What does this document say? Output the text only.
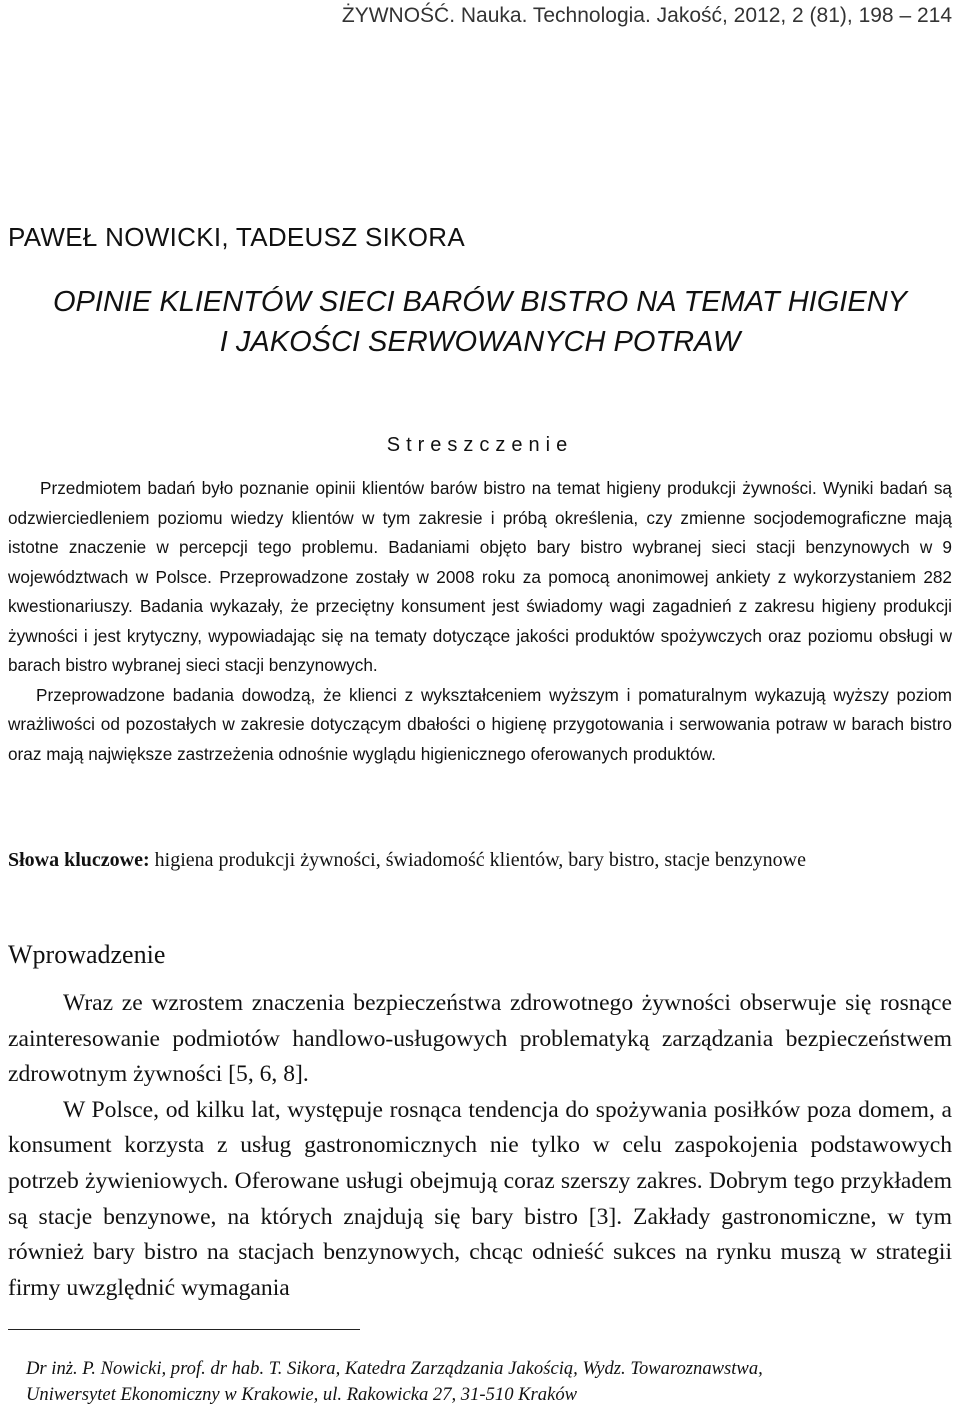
ŻYWNOŚĆ. Nauka. Technologia. Jakość, 2012, 2 (81), 198 – 214
PAWEŁ NOWICKI, TADEUSZ SIKORA
OPINIE KLIENTÓW SIECI BARÓW BISTRO NA TEMAT HIGIENY
I JAKOŚCI SERWOWANYCH POTRAW
Streszczenie

Przedmiotem badań było poznanie opinii klientów barów bistro na temat higieny produkcji żywności. Wyniki badań są odzwierciedleniem poziomu wiedzy klientów w tym zakresie i próbą określenia, czy zmienne socjodemograficzne mają istotne znaczenie w percepcji tego problemu. Badaniami objęto bary bistro wybranej sieci stacji benzynowych w 9 województwach w Polsce. Przeprowadzone zostały w 2008 roku za pomocą anonimowej ankiety z wykorzystaniem 282 kwestionariuszy. Badania wykazały, że przeciętny konsument jest świadomy wagi zagadnień z zakresu higieny produkcji żywności i jest krytyczny, wypowiadając się na tematy dotyczące jakości produktów spożywczych oraz poziomu obsługi w barach bistro wybranej sieci stacji benzynowych.

Przeprowadzone badania dowodzą, że klienci z wykształceniem wyższym i pomaturalnym wykazują wyższy poziom wrażliwości od pozostałych w zakresie dotyczącym dbałości o higienę przygotowania i serwowania potraw w barach bistro oraz mają największe zastrzeżenia odnośnie wyglądu higienicznego oferowanych produktów.

Słowa kluczowe: higiena produkcji żywności, świadomość klientów, bary bistro, stacje benzynowe
Wprowadzenie

Wraz ze wzrostem znaczenia bezpieczeństwa zdrowotnego żywności obserwuje się rosnące zainteresowanie podmiotów handlowo-usługowych problematyką zarządzania bezpieczeństwem zdrowotnym żywności [5, 6, 8].

W Polsce, od kilku lat, występuje rosnąca tendencja do spożywania posiłków poza domem, a konsument korzysta z usług gastronomicznych nie tylko w celu zaspokojenia podstawowych potrzeb żywieniowych. Oferowane usługi obejmują coraz szerszy zakres. Dobrym tego przykładem są stacje benzynowe, na których znajdują się bary bistro [3]. Zakłady gastronomiczne, w tym również bary bistro na stacjach benzynowych, chcąc odnieść sukces na rynku muszą w strategii firmy uwzględnić wymagania

Dr inż. P. Nowicki, prof. dr hab. T. Sikora, Katedra Zarządzania Jakością, Wydz. Towaroznawstwa,
Uniwersytet Ekonomiczny w Krakowie, ul. Rakowicka 27, 31-510 Kraków
